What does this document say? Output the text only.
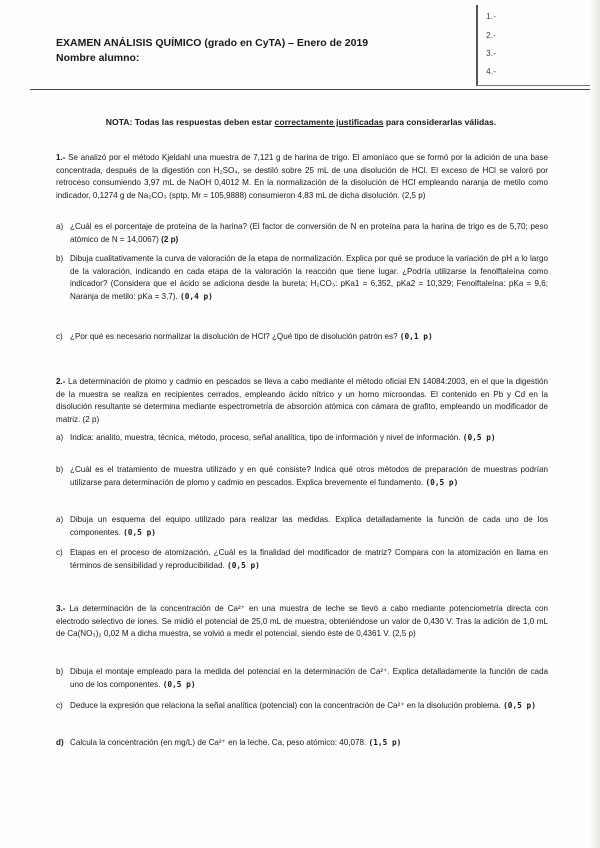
EXAMEN ANÁLISIS QUÍMICO (grado en CyTA) – Enero de 2019
Nombre alumno:
1.-
2.-
3.-
4.-
NOTA: Todas las respuestas deben estar correctamente justificadas para considerarlas válidas.
1.- Se analizó por el método Kjeldahl una muestra de 7,121 g de harina de trigo. El amoníaco que se formó por la adición de una base concentrada, después de la digestión con H₂SO₄, se destiló sobre 25 mL de una disolución de HCl. El exceso de HCl se valoró por retroceso consumiendo 3,97 mL de NaOH 0,4012 M. En la normalización de la disolución de HCl empleando naranja de metilo como indicador, 0,1274 g de Na₂CO₃ (sptp, Mr = 105,9888) consumieron 4,83 mL de dicha disolución. (2,5 p)
a) ¿Cuál es el porcentaje de proteína de la harina? (El factor de conversión de N en proteína para la harina de trigo es de 5,70; peso atómico de N = 14,0067) (2 p)
b) Dibuja cualitativamente la curva de valoración de la etapa de normalización. Explica por qué se produce la variación de pH a lo largo de la valoración, indicando en cada etapa de la valoración la reacción que tiene lugar. ¿Podría utilizarse la fenolftaleína como indicador? (Considera que el ácido se adiciona desde la bureta; H₂CO₃: pKa1 = 6,352, pKa2 = 10,329; Fenolftaleína: pKa = 9,6; Naranja de metilo: pKa = 3,7). (0,4 p)
c) ¿Por qué es necesario normalizar la disolución de HCl? ¿Qué tipo de disolución patrón es? (0,1 p)
2.- La determinación de plomo y cadmio en pescados se lleva a cabo mediante el método oficial EN 14084:2003, en el que la digestión de la muestra se realiza en recipientes cerrados, empleando ácido nítrico y un horno microondas. El contenido en Pb y Cd en la disolución resultante se determina mediante espectrometría de absorción atómica con cámara de grafito, empleando un modificador de matriz. (2 p)
a) Indica: analito, muestra, técnica, método, proceso, señal analítica, tipo de información y nivel de información. (0,5 p)
b) ¿Cuál es el tratamiento de muestra utilizado y en qué consiste? Indica qué otros métodos de preparación de muestras podrían utilizarse para determinación de plomo y cadmio en pescados. Explica brevemente el fundamento. (0,5 p)
a) Dibuja un esquema del equipo utilizado para realizar las medidas. Explica detalladamente la función de cada uno de los componentes. (0,5 p)
c) Etapas en el proceso de atomización. ¿Cuál es la finalidad del modificador de matriz? Compara con la atomización en llama en términos de sensibilidad y reproducibilidad. (0,5 p)
3.- La determinación de la concentración de Ca²⁺ en una muestra de leche se llevó a cabo mediante potenciometría directa con electrodo selectivo de iones. Se midió el potencial de 25,0 mL de muestra, obteniéndose un valor de 0,430 V. Tras la adición de 1,0 mL de Ca(NO₃)₂ 0,02 M a dicha muestra, se volvió a medir el potencial, siendo éste de 0,4361 V. (2,5 p)
b) Dibuja el montaje empleado para la medida del potencial en la determinación de Ca²⁺. Explica detalladamente la función de cada uno de los componentes. (0,5 p)
c) Deduce la expresión que relaciona la señal analítica (potencial) con la concentración de Ca²⁺ en la disolución problema. (0,5 p)
d) Calcula la concentración (en mg/L) de Ca²⁺ en la leche. Ca, peso atómico: 40,078. (1,5 p)
